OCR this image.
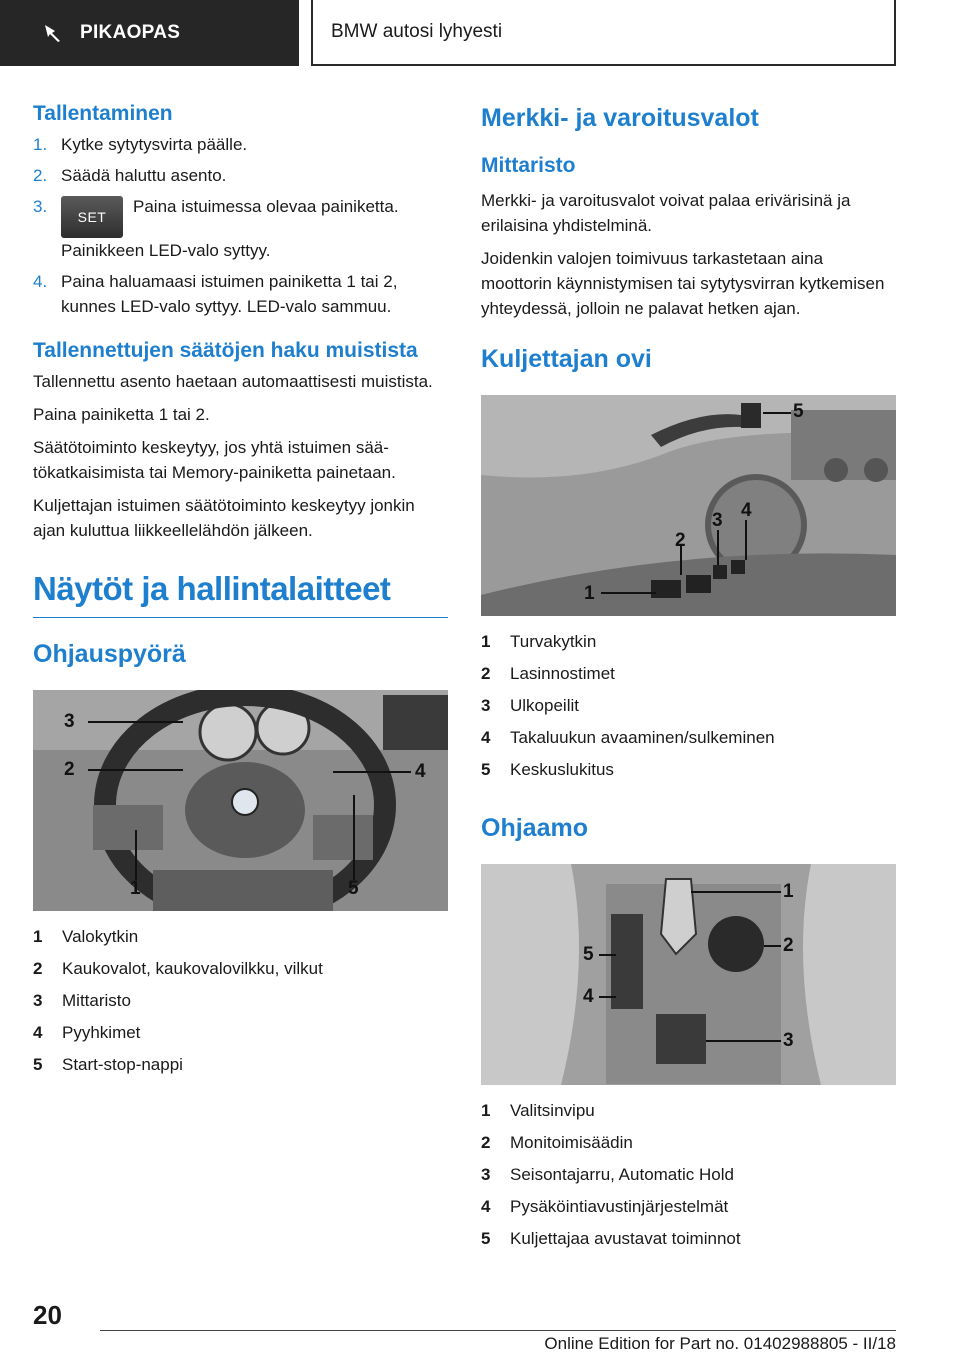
PIKAOPAS	BMW autosi lyhyesti
Tallentaminen
1. Kytke sytytysvirta päälle.
2. Säädä haluttu asento.
3.
SETPaina istuimessa olevaa painiketta. Painikkeen LED-valo syttyy.
4. Paina haluamaasi istuimen painiketta 1 tai 2, kunnes LED-valo syttyy. LED-valo sammuu.
Tallennettujen säätöjen haku muistista

Tallennettu asento haetaan automaattisesti muistista.

Paina painiketta 1 tai 2.

Säätötoiminto keskeytyy, jos yhtä istuimen säätökatkaisimista tai Memory-painiketta painetaan.

Kuljettajan istuimen säätötoiminto keskeytyy jonkin ajan kuluttua liikkeellelähdön jälkeen.

Näytöt ja hallintalaitteet
Ohjauspyörä
3
2	4
1	5
1	Valokytkin
2	Kaukovalot, kaukovalovilkku, vilkut
3	Mittaristo
4	Pyyhkimet
5	Start-stop-nappi
Merkki- ja varoitusvalot
Mittaristo

Merkki- ja varoitusvalot voivat palaa erivärisinä ja erilaisina yhdistelminä.

Joidenkin valojen toimivuus tarkastetaan aina moottorin käynnistymisen tai sytytysvirran kytkemisen yhteydessä, jolloin ne palavat hetken ajan.

Kuljettajan ovi
1
2
3 4
5
1	Turvakytkin
2	Lasinnostimet
3	Ulkopeilit
4	Takaluukun avaaminen/sulkeminen
5	Keskuslukitus
Ohjaamo
1
2
3
4
5
1	Valitsinvipu
2	Monitoimisäädin
3	Seisontajarru, Automatic Hold
4	Pysäköintiavustinjärjestelmät
5	Kuljettajaa avustavat toiminnot
20
Online Edition for Part no. 01402988805 - II/18
